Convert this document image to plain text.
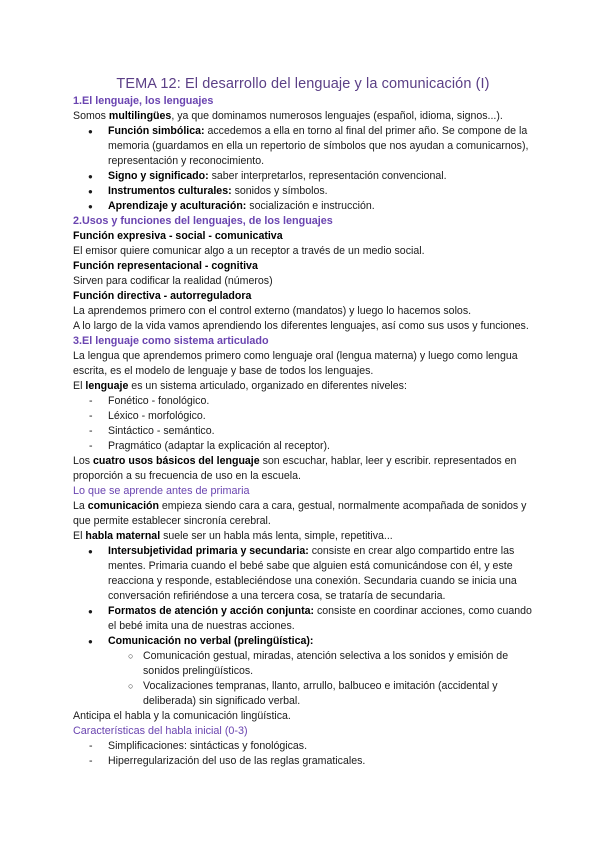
TEMA 12: El desarrollo del lenguaje y la comunicación (I)
1.El lenguaje, los lenguajes

Somos multilingües, ya que dominamos numerosos lenguajes (español, idioma, signos...).

● Función simbólica: accedemos a ella en torno al final del primer año. Se compone de la memoria (guardamos en ella un repertorio de símbolos que nos ayudan a comunicarnos), representación y reconocimiento.
● Signo y significado: saber interpretarlos, representación convencional.
● Instrumentos culturales: sonidos y símbolos.
● Aprendizaje y aculturación: socialización e instrucción.
2.Usos y funciones del lenguajes, de los lenguajes

Función expresiva - social - comunicativa

El emisor quiere comunicar algo a un receptor a través de un medio social.

Función representacional - cognitiva

Sirven para codificar la realidad (números)

Función directiva - autorreguladora

La aprendemos primero con el control externo (mandatos) y luego lo hacemos solos.

A lo largo de la vida vamos aprendiendo los diferentes lenguajes, así como sus usos y funciones.

3.El lenguaje como sistema articulado

La lengua que aprendemos primero como lenguaje oral (lengua materna) y luego como lengua escrita, es el modelo de lenguaje y base de todos los lenguajes.

El lenguaje es un sistema articulado, organizado en diferentes niveles:

- Fonético - fonológico.
- Léxico - morfológico.
- Sintáctico - semántico.
- Pragmático (adaptar la explicación al receptor).

Los cuatro usos básicos del lenguaje son escuchar, hablar, leer y escribir. representados en proporción a su frecuencia de uso en la escuela.

Lo que se aprende antes de primaria

La comunicación empieza siendo cara a cara, gestual, normalmente acompañada de sonidos y que permite establecer sincronía cerebral.

El habla maternal suele ser un habla más lenta, simple, repetitiva...

● Intersubjetividad primaria y secundaria: consiste en crear algo compartido entre las mentes. Primaria cuando el bebé sabe que alguien está comunicándose con él, y este reacciona y responde, estableciéndose una conexión. Secundaria cuando se inicia una conversación refiriéndose a una tercera cosa, se trataría de secundaria.
● Formatos de atención y acción conjunta: consiste en coordinar acciones, como cuando el bebé imita una de nuestras acciones.
● Comunicación no verbal (prelingüística):
○ Comunicación gestual, miradas, atención selectiva a los sonidos y emisión de sonidos prelingüísticos.
○ Vocalizaciones tempranas, llanto, arrullo, balbuceo e imitación (accidental y deliberada) sin significado verbal.

Anticipa el habla y la comunicación lingüística.

Características del habla inicial (0-3)
- Simplificaciones: sintácticas y fonológicas.
- Hiperregularización del uso de las reglas gramaticales.
